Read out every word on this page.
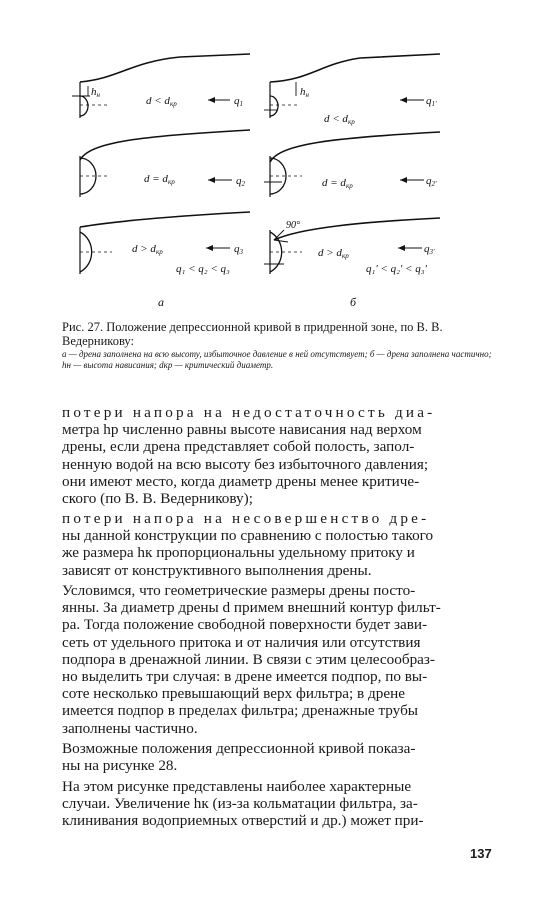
hн	d < dкр	q1
d = dкр	q2
d > dкр	q3
q₁ < q₂ < q₃
а
hн
d < dкр
q1'
d = dкр	q2'
90°
d > dкр
q3'
q₁' < q₂' < q₃'
б
Рис. 27. Положение депрессионной кривой в придренной зоне, по В. В. Ведерникову:
а — дрена заполнена на всю высоту, избыточное давление в ней отсутствует; б — дрена заполнена частично; hн — высота нависания; dкр — критический диаметр.
потери напора на недостаточность диа-
метра hр численно равны высоте нависания над верхом
дрены, если дрена представляет собой полость, запол-
ненную водой на всю высоту без избыточного давления;
они имеют место, когда диаметр дрены менее критиче-
ского (по В. В. Ведерникову);
потери напора на несовершенство дре-
ны данной конструкции по сравнению с полостью такого
же размера hк пропорциональны удельному притоку и
зависят от конструктивного выполнения дрены.
Условимся, что геометрические размеры дрены посто-
янны. За диаметр дрены d примем внешний контур фильт-
ра. Тогда положение свободной поверхности будет зави-
сеть от удельного притока и от наличия или отсутствия
подпора в дренажной линии. В связи с этим целесообраз-
но выделить три случая: в дрене имеется подпор, по вы-
соте несколько превышающий верх фильтра; в дрене
имеется подпор в пределах фильтра; дренажные трубы
заполнены частично.
Возможные положения депрессионной кривой показа-
ны на рисунке 28.
На этом рисунке представлены наиболее характерные
случаи. Увеличение hк (из-за кольматации фильтра, за-
клинивания водоприемных отверстий и др.) может при-
137
